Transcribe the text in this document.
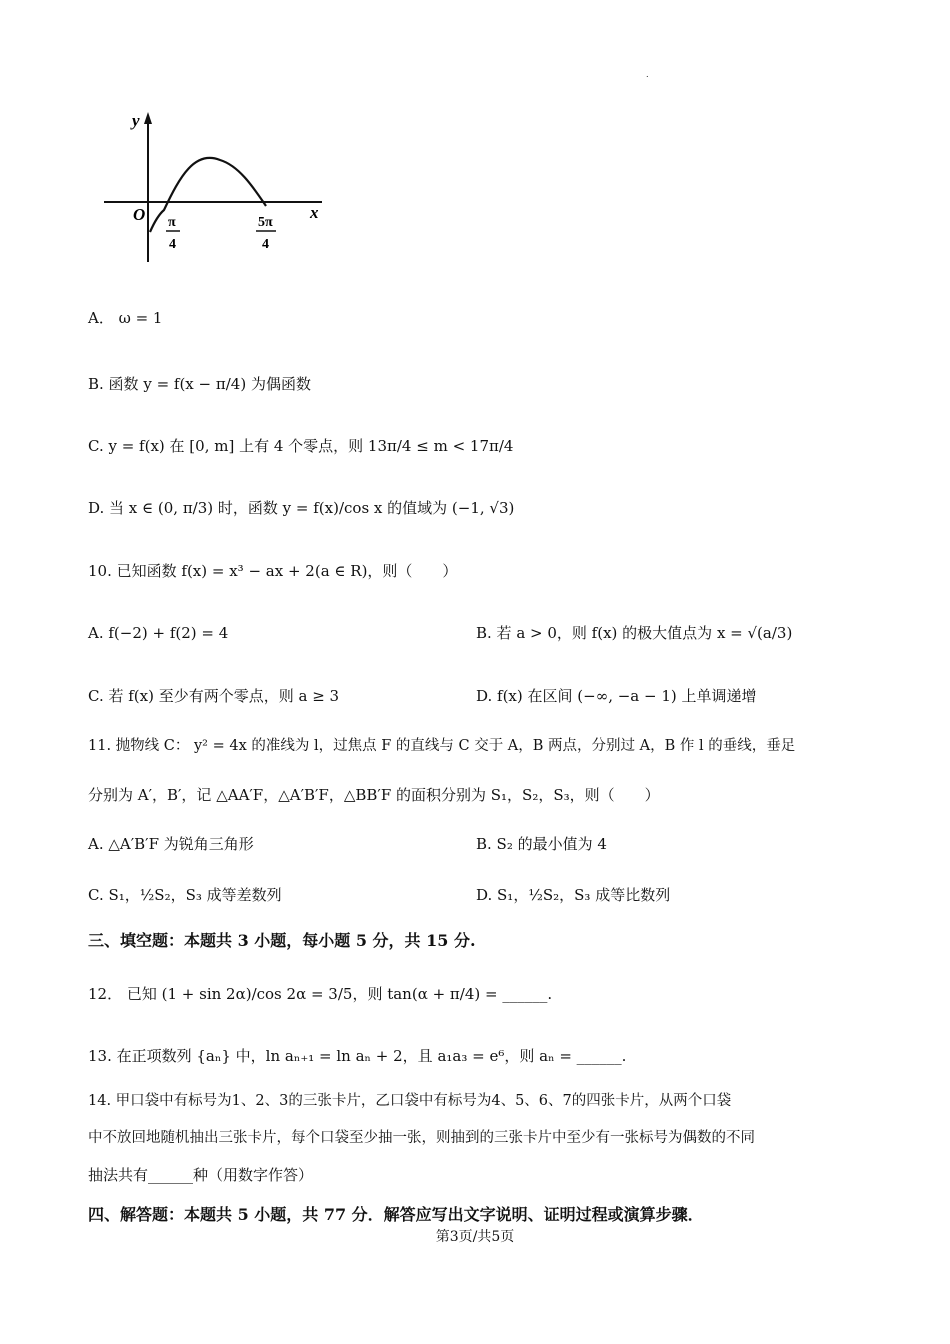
.
y
x
O π
4
5π
4
A． ω = 1
B. 函数 y = f(x − π/4) 为偶函数
C. y = f(x) 在 [0, m] 上有 4 个零点，则 13π/4 ≤ m < 17π/4
D. 当 x ∈ (0, π/3) 时，函数 y = f(x)/cos x 的值域为 (−1, √3)
10. 已知函数 f(x) = x³ − ax + 2(a ∈ R)，则（　　）
A. f(−2) + f(2) = 4	B. 若 a > 0，则 f(x) 的极大值点为 x = √(a/3)
C. 若 f(x) 至少有两个零点，则 a ≥ 3	D. f(x) 在区间 (−∞, −a − 1) 上单调递增
11. 抛物线 C： y² = 4x 的准线为 l，过焦点 F 的直线与 C 交于 A，B 两点，分别过 A，B 作 l 的垂线，垂足
分别为 A′，B′，记 △AA′F，△A′B′F，△BB′F 的面积分别为 S₁，S₂，S₃，则（　　）
A. △A′B′F 为锐角三角形	B. S₂ 的最小值为 4
C. S₁，½S₂，S₃ 成等差数列	D. S₁，½S₂，S₃ 成等比数列
三、填空题：本题共 3 小题，每小题 5 分，共 15 分.
12． 已知 (1 + sin 2α)/cos 2α = 3/5，则 tan(α + π/4) = ______.
13. 在正项数列 {aₙ} 中，ln aₙ₊₁ = ln aₙ + 2，且 a₁a₃ = e⁶，则 aₙ = ______.
14. 甲口袋中有标号为1、2、3的三张卡片，乙口袋中有标号为4、5、6、7的四张卡片，从两个口袋
中不放回地随机抽出三张卡片，每个口袋至少抽一张，则抽到的三张卡片中至少有一张标号为偶数的不同
抽法共有______种（用数字作答）
四、解答题：本题共 5 小题，共 77 分．解答应写出文字说明、证明过程或演算步骤．
第3页/共5页
